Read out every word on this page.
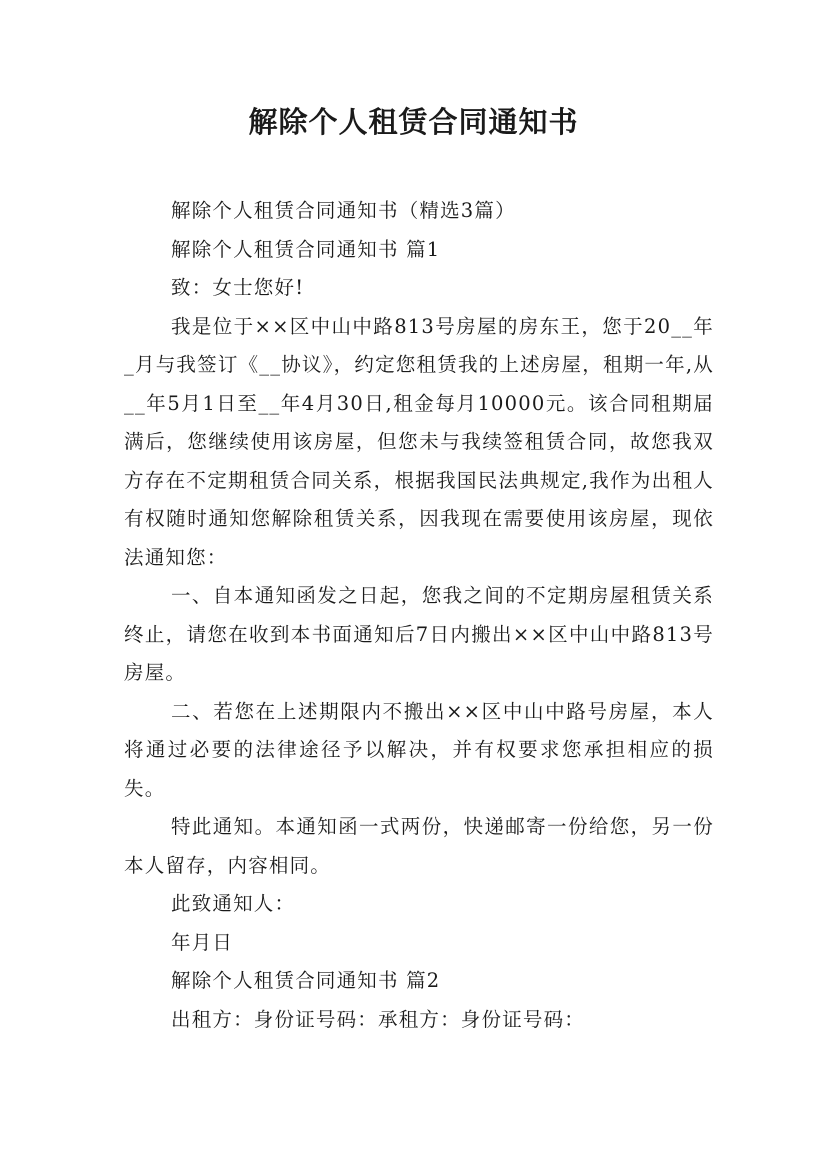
解除个人租赁合同通知书

解除个人租赁合同通知书（精选3篇）

解除个人租赁合同通知书 篇1

致：女士您好!

我是位于××区中山中路813号房屋的房东王，您于20__年_月与我签订《__协议》，约定您租赁我的上述房屋，租期一年,从__年5月1日至__年4月30日,租金每月10000元。该合同租期届满后，您继续使用该房屋，但您未与我续签租赁合同，故您我双方存在不定期租赁合同关系，根据我国民法典规定,我作为出租人有权随时通知您解除租赁关系，因我现在需要使用该房屋，现依法通知您：

一、自本通知函发之日起，您我之间的不定期房屋租赁关系终止，请您在收到本书面通知后7日内搬出××区中山中路813号房屋。

二、若您在上述期限内不搬出××区中山中路号房屋，本人将通过必要的法律途径予以解决，并有权要求您承担相应的损失。

特此通知。本通知函一式两份，快递邮寄一份给您，另一份本人留存，内容相同。

此致通知人：

年月日

解除个人租赁合同通知书 篇2

出租方：身份证号码：承租方：身份证号码：
